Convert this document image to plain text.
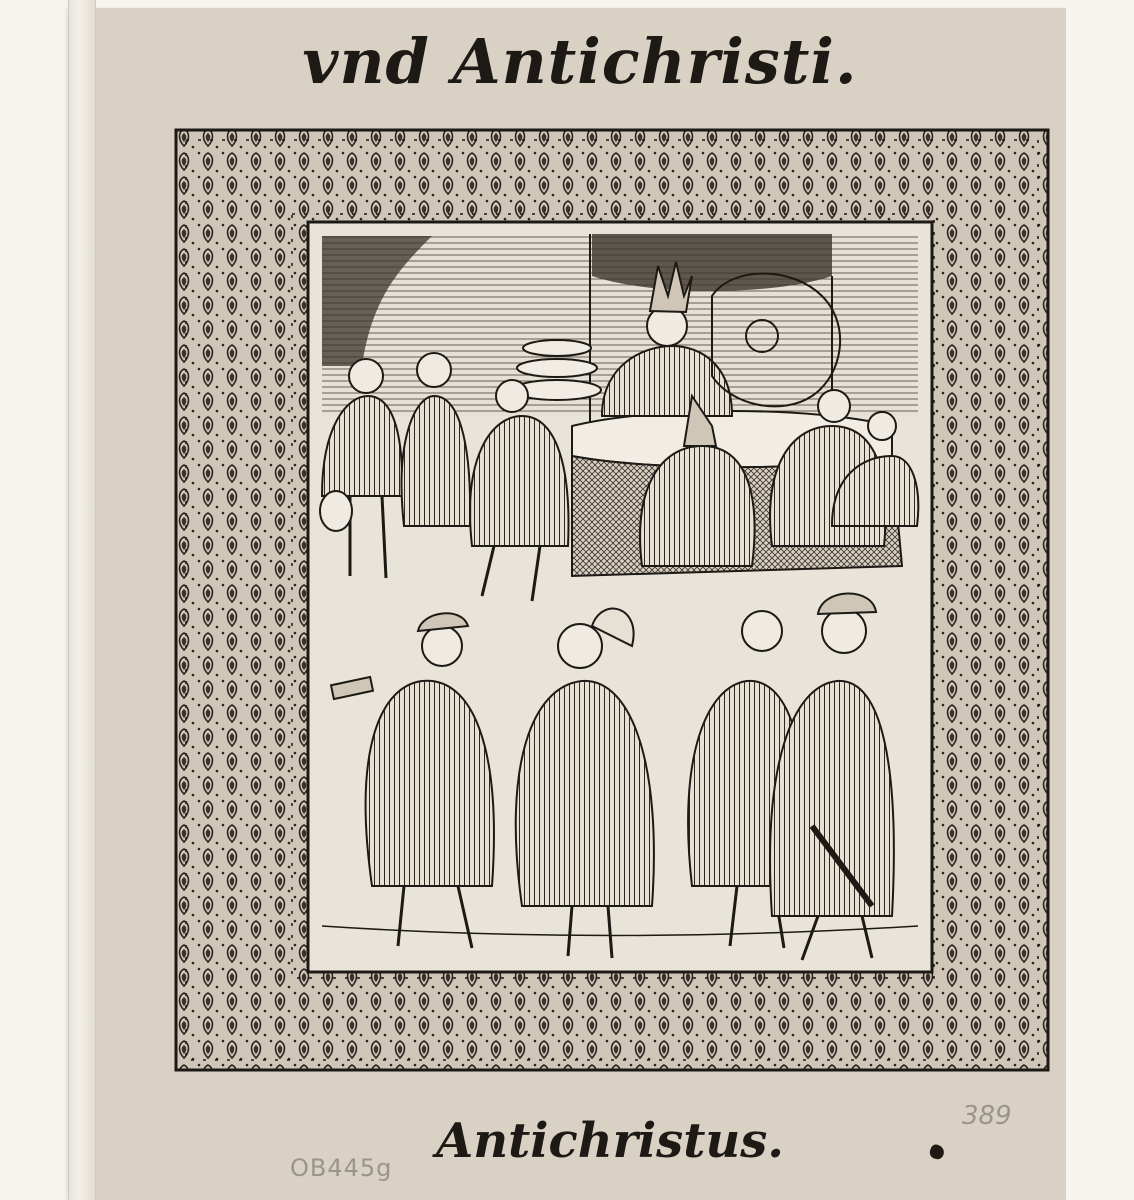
vnd Antichristi.
Antichristus.
OB445g
389
